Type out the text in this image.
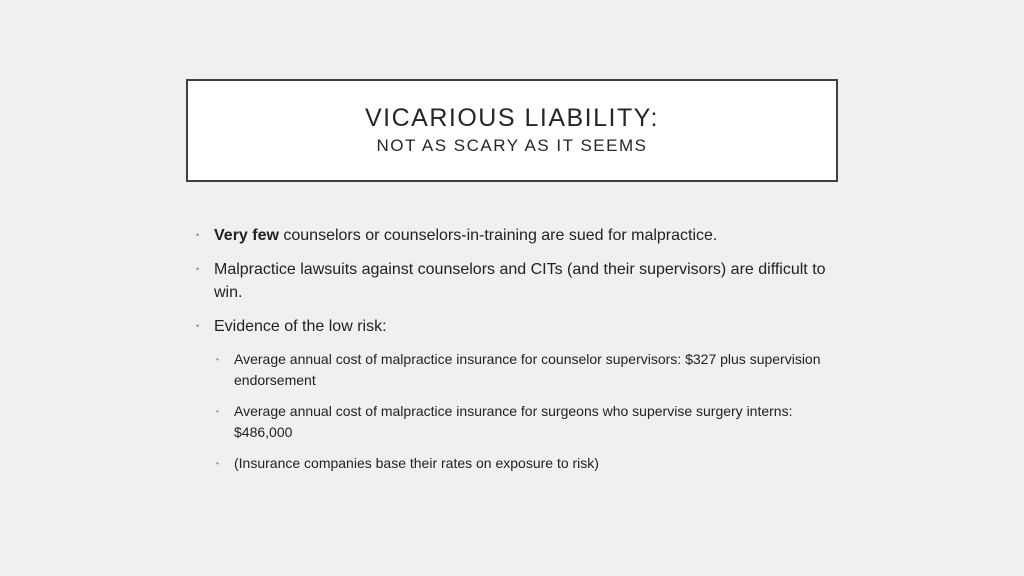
VICARIOUS LIABILITY:
NOT AS SCARY AS IT SEEMS
• Very few counselors or counselors-in-training are sued for malpractice.
• Malpractice lawsuits against counselors and CITs (and their supervisors) are difficult to win.
• Evidence of the low risk:
• Average annual cost of malpractice insurance for counselor supervisors: $327 plus supervision endorsement
• Average annual cost of malpractice insurance for surgeons who supervise surgery interns: $486,000
• (Insurance companies base their rates on exposure to risk)
